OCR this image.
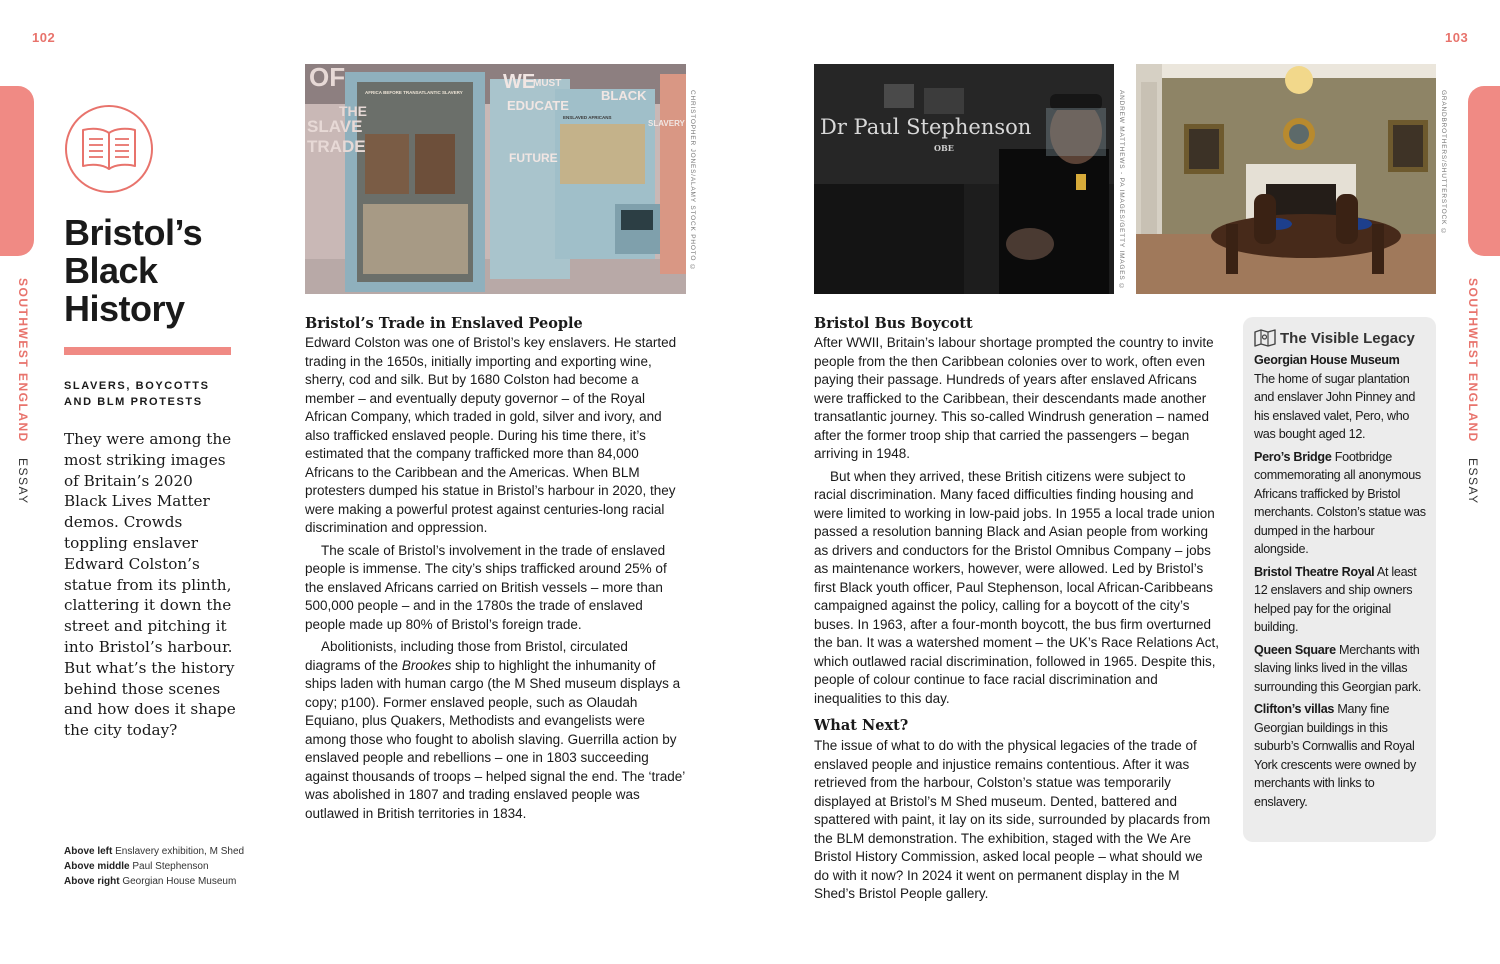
102	103
SOUTHWEST ENGLAND ESSAY
SOUTHWEST ENGLAND ESSAY
Bristol’s
Black
History
SLAVERS, BOYCOTTS
AND BLM PROTESTS

They were among the most striking images of Britain’s 2020 Black Lives Matter demos. Crowds toppling enslaver Edward Colston’s statue from its plinth, clattering it down the street and pitching it into Bristol’s harbour. But what’s the history behind those scenes and how does it shape the city today?

Above left Enslavery exhibition, M Shed
Above middle Paul Stephenson
Above right Georgian House Museum
OF
THE
SLAVE
TRADE
WE
MUST
EDUCATE
FUTURE
BLACK
SLAVERY
AFRICA BEFORE TRANSATLANTIC SLAVERY
ENSLAVED AFRICANS	CHRISTOPHER JONES/ALAMY STOCK PHOTO ©	Dr Paul Stephenson
OBE	ANDREW MATTHEWS - PA IMAGES/GETTY IMAGES ©	GRANDBROTHERS/SHUTTERSTOCK ©
Bristol’s Trade in Enslaved People

Edward Colston was one of Bristol’s key enslavers. He started trading in the 1650s, initially importing and exporting wine, sherry, cod and silk. But by 1680 Colston had become a member – and eventually deputy governor – of the Royal African Company, which traded in gold, silver and ivory, and also trafficked enslaved people. During his time there, it’s estimated that the company trafficked more than 84,000 Africans to the Caribbean and the Americas. When BLM protesters dumped his statue in Bristol’s harbour in 2020, they were making a powerful protest against centuries-long racial discrimination and oppression.

The scale of Bristol’s involvement in the trade of enslaved people is immense. The city’s ships trafficked around 25% of the enslaved Africans carried on British vessels – more than 500,000 people – and in the 1780s the trade of enslaved people made up 80% of Bristol’s foreign trade.

Abolitionists, including those from Bristol, circulated diagrams of the Brookes ship to highlight the inhumanity of ships laden with human cargo (the M Shed museum displays a copy; p100). Former enslaved people, such as Olaudah Equiano, plus Quakers, Methodists and evangelists were among those who fought to abolish slaving. Guerrilla action by enslaved people and rebellions – one in 1803 succeeding against thousands of troops – helped signal the end. The ‘trade’ was abolished in 1807 and trading enslaved people was outlawed in British territories in 1834.

Bristol Bus Boycott

After WWII, Britain’s labour shortage prompted the country to invite people from the then Caribbean colonies over to work, often even paying their passage. Hundreds of years after enslaved Africans were trafficked to the Caribbean, their descendants made another transatlantic journey. This so-called Windrush generation – named after the former troop ship that carried the passengers – began arriving in 1948.

But when they arrived, these British citizens were subject to racial discrimination. Many faced difficulties finding housing and were limited to working in low-paid jobs. In 1955 a local trade union passed a resolution banning Black and Asian people from working as drivers and conductors for the Bristol Omnibus Company – jobs as maintenance workers, however, were allowed. Led by Bristol’s first Black youth officer, Paul Stephenson, local African-Caribbeans campaigned against the policy, calling for a boycott of the city’s buses. In 1963, after a four-month boycott, the bus firm overturned the ban. It was a watershed moment – the UK’s Race Relations Act, which outlawed racial discrimination, followed in 1965. Despite this, people of colour continue to face racial discrimination and inequalities to this day.

What Next?

The issue of what to do with the physical legacies of the trade of enslaved people and injustice remains contentious. After it was retrieved from the harbour, Colston’s statue was temporarily displayed at Bristol’s M Shed museum. Dented, battered and spattered with paint, it lay on its side, surrounded by placards from the BLM demonstration. The exhibition, staged with the We Are Bristol History Commission, asked local people – what should we do with it now? In 2024 it went on permanent display in the M Shed’s Bristol People gallery.

The Visible Legacy
Georgian House Museum
The home of sugar plantation and enslaver John Pinney and his enslaved valet, Pero, who was bought aged 12.
Pero’s Bridge Footbridge commemorating all anonymous Africans trafficked by Bristol merchants. Colston’s statue was dumped in the harbour alongside.
Bristol Theatre Royal At least 12 enslavers and ship owners helped pay for the original building.
Queen Square Merchants with slaving links lived in the villas surrounding this Georgian park.
Clifton’s villas Many fine Georgian buildings in this suburb’s Cornwallis and Royal York crescents were owned by merchants with links to enslavery.
